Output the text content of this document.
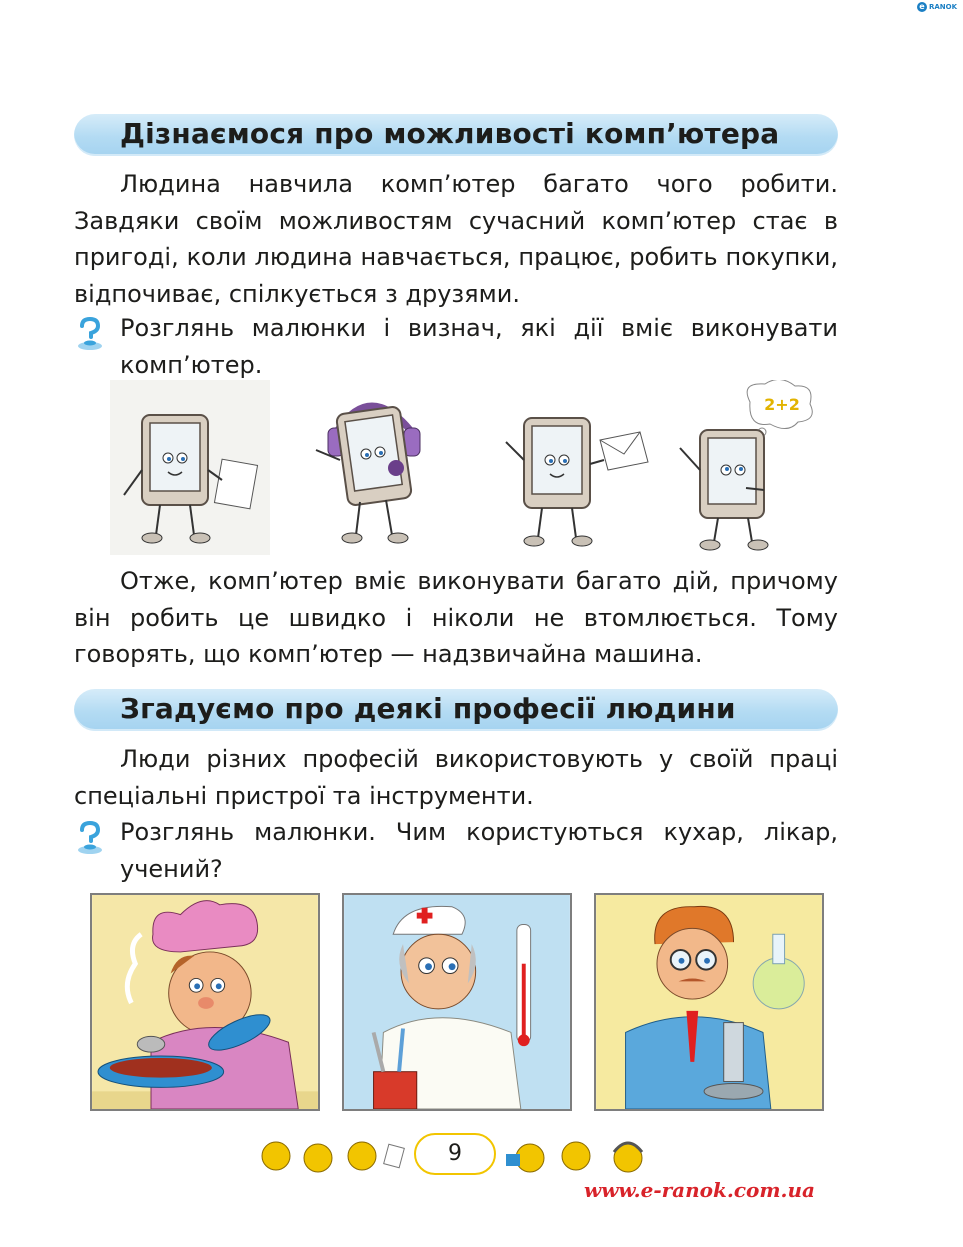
e RANOK
Дізнаємося про можливості комп’ютера

Людина навчила комп’ютер багато чого робити. Завдяки своїм можливостям сучасний комп’ютер стає в пригоді, коли людина навчається, працює, робить покупки, відпочиває, спілкується з друзями.

Розглянь малюнки і визнач, які дії вміє виконувати комп’ютер.
2+2

Отже, комп’ютер вміє виконувати багато дій, причому він робить це швидко і ніколи не втомлюється. Тому говорять, що комп’ютер — надзвичайна машина.

Згадуємо про деякі професії людини

Люди різних професій використовують у своїй праці спеціальні пристрої та інструменти.

Розглянь малюнки. Чим користуються кухар, лікар, учений?
9
www.e-ranok.com.ua
